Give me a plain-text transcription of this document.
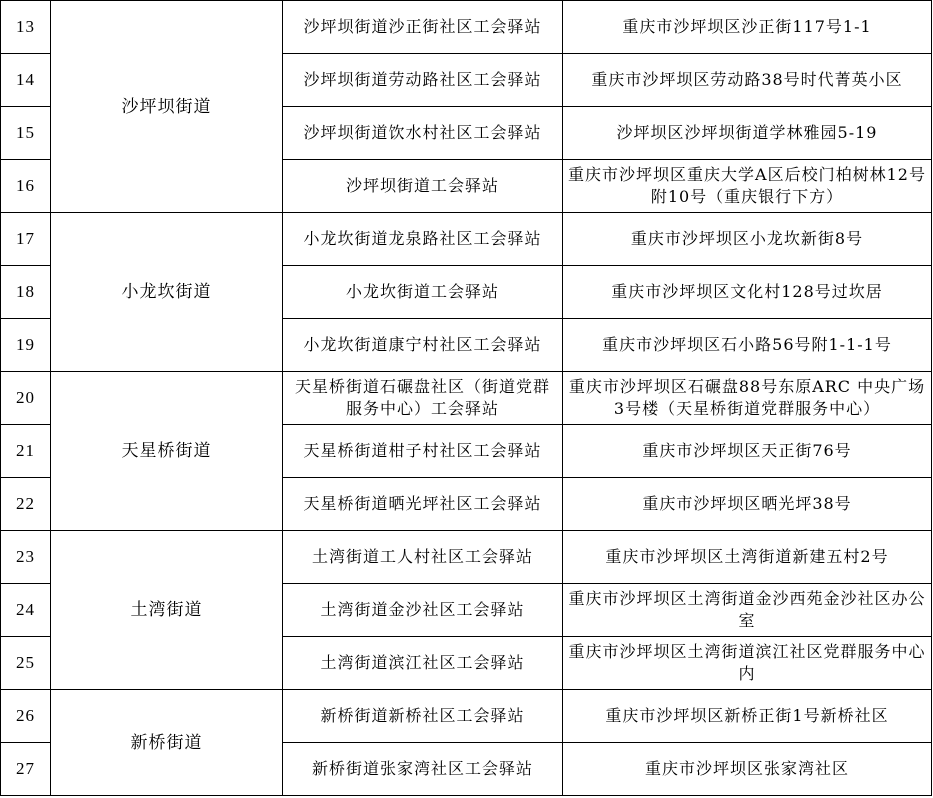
13	沙坪坝街道	沙坪坝街道沙正街社区工会驿站	重庆市沙坪坝区沙正街117号1-1
14		沙坪坝街道劳动路社区工会驿站	重庆市沙坪坝区劳动路38号时代菁英小区
15		沙坪坝街道饮水村社区工会驿站	沙坪坝区沙坪坝街道学林雅园5-19
16		沙坪坝街道工会驿站	重庆市沙坪坝区重庆大学A区后校门柏树林12号附10号（重庆银行下方）
17	小龙坎街道	小龙坎街道龙泉路社区工会驿站	重庆市沙坪坝区小龙坎新街8号
18		小龙坎街道工会驿站	重庆市沙坪坝区文化村128号过坎居
19		小龙坎街道康宁村社区工会驿站	重庆市沙坪坝区石小路56号附1-1-1号
20	天星桥街道	天星桥街道石碾盘社区（街道党群服务中心）工会驿站	重庆市沙坪坝区石碾盘88号东原ARC 中央广场3号楼（天星桥街道党群服务中心）
21		天星桥街道柑子村社区工会驿站	重庆市沙坪坝区天正街76号
22		天星桥街道晒光坪社区工会驿站	重庆市沙坪坝区晒光坪38号
23	土湾街道	土湾街道工人村社区工会驿站	重庆市沙坪坝区土湾街道新建五村2号
24		土湾街道金沙社区工会驿站	重庆市沙坪坝区土湾街道金沙西苑金沙社区办公室
25		土湾街道滨江社区工会驿站	重庆市沙坪坝区土湾街道滨江社区党群服务中心内
26	新桥街道	新桥街道新桥社区工会驿站	重庆市沙坪坝区新桥正街1号新桥社区
27		新桥街道张家湾社区工会驿站	重庆市沙坪坝区张家湾社区
